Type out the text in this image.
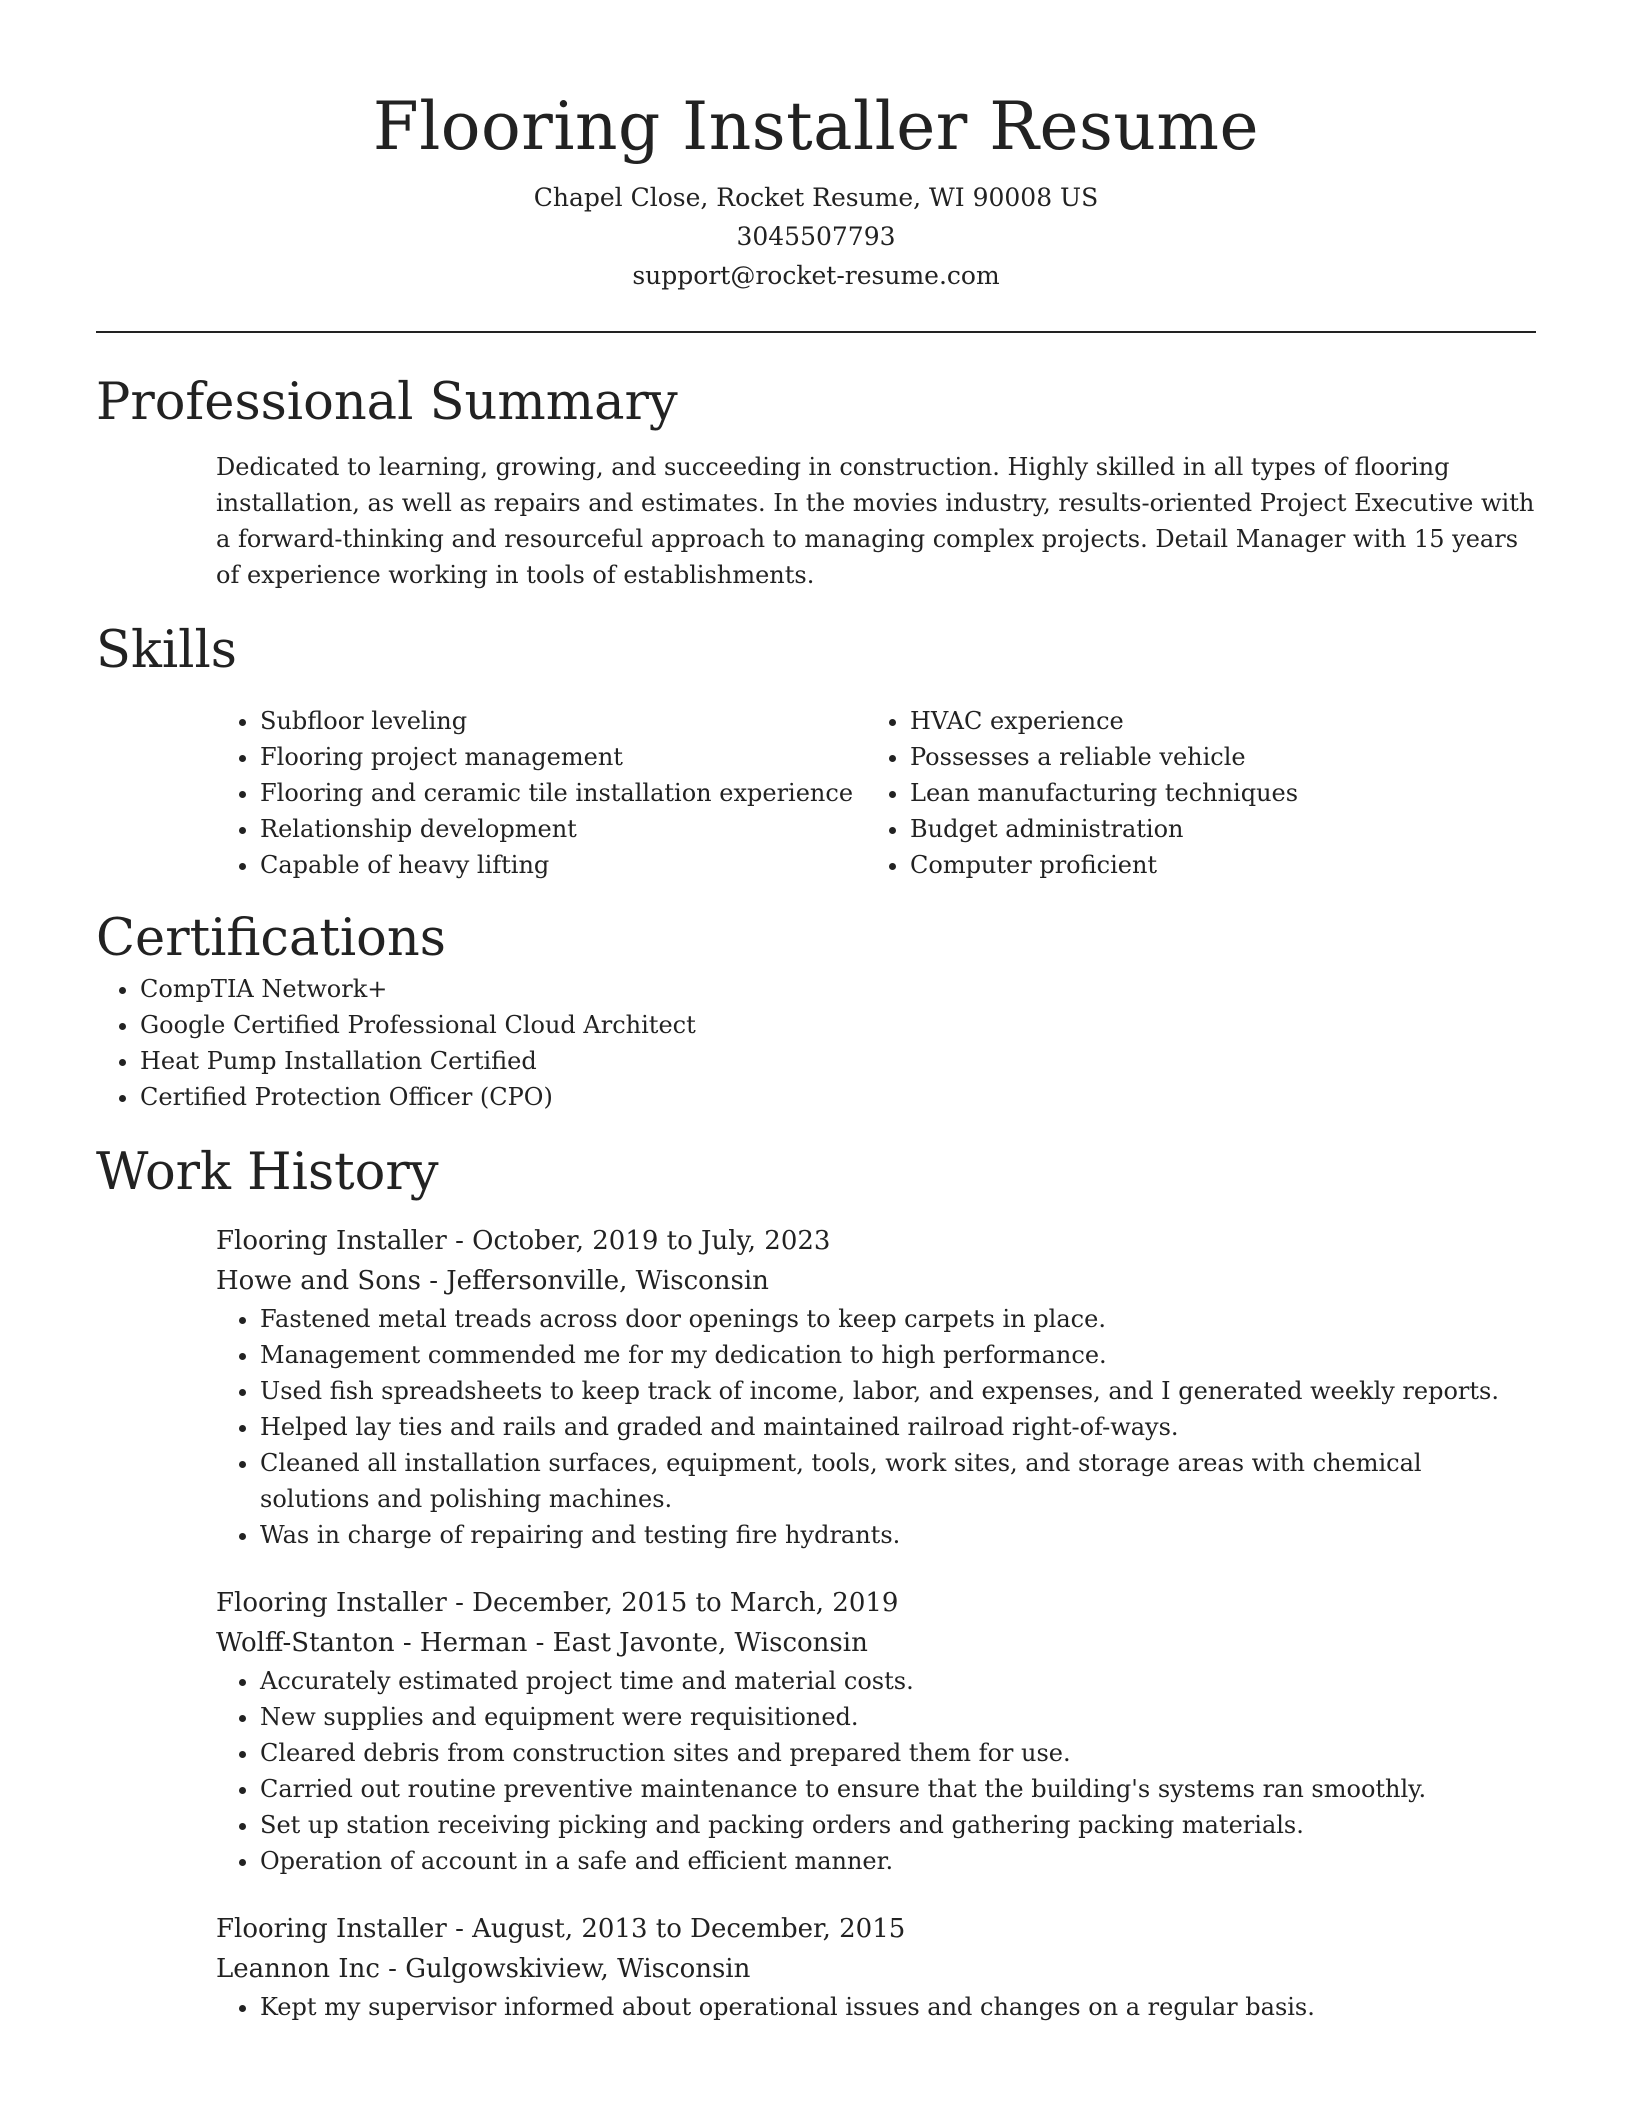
Flooring Installer Resume

Chapel Close, Rocket Resume, WI 90008 US

3045507793

support@rocket-resume.com

Professional Summary

Dedicated to learning, growing, and succeeding in construction. Highly skilled in all types of flooring installation, as well as repairs and estimates. In the movies industry, results-oriented Project Executive with a forward-thinking and resourceful approach to managing complex projects. Detail Manager with 15 years of experience working in tools of establishments.

Skills
• Subfloor leveling
• Flooring project management
• Flooring and ceramic tile installation experience
• Relationship development
• Capable of heavy lifting
• HVAC experience
• Possesses a reliable vehicle
• Lean manufacturing techniques
• Budget administration
• Computer proficient
Certifications
• CompTIA Network+
• Google Certified Professional Cloud Architect
• Heat Pump Installation Certified
• Certified Protection Officer (CPO)
Work History

Flooring Installer - October, 2019 to July, 2023

Howe and Sons - Jeffersonville, Wisconsin

• Fastened metal treads across door openings to keep carpets in place.
• Management commended me for my dedication to high performance.
• Used fish spreadsheets to keep track of income, labor, and expenses, and I generated weekly reports.
• Helped lay ties and rails and graded and maintained railroad right-of-ways.
• Cleaned all installation surfaces, equipment, tools, work sites, and storage areas with chemical solutions and polishing machines.
• Was in charge of repairing and testing fire hydrants.

Flooring Installer - December, 2015 to March, 2019

Wolff-Stanton - Herman - East Javonte, Wisconsin

• Accurately estimated project time and material costs.
• New supplies and equipment were requisitioned.
• Cleared debris from construction sites and prepared them for use.
• Carried out routine preventive maintenance to ensure that the building's systems ran smoothly.
• Set up station receiving picking and packing orders and gathering packing materials.
• Operation of account in a safe and efficient manner.

Flooring Installer - August, 2013 to December, 2015

Leannon Inc - Gulgowskiview, Wisconsin

• Kept my supervisor informed about operational issues and changes on a regular basis.
